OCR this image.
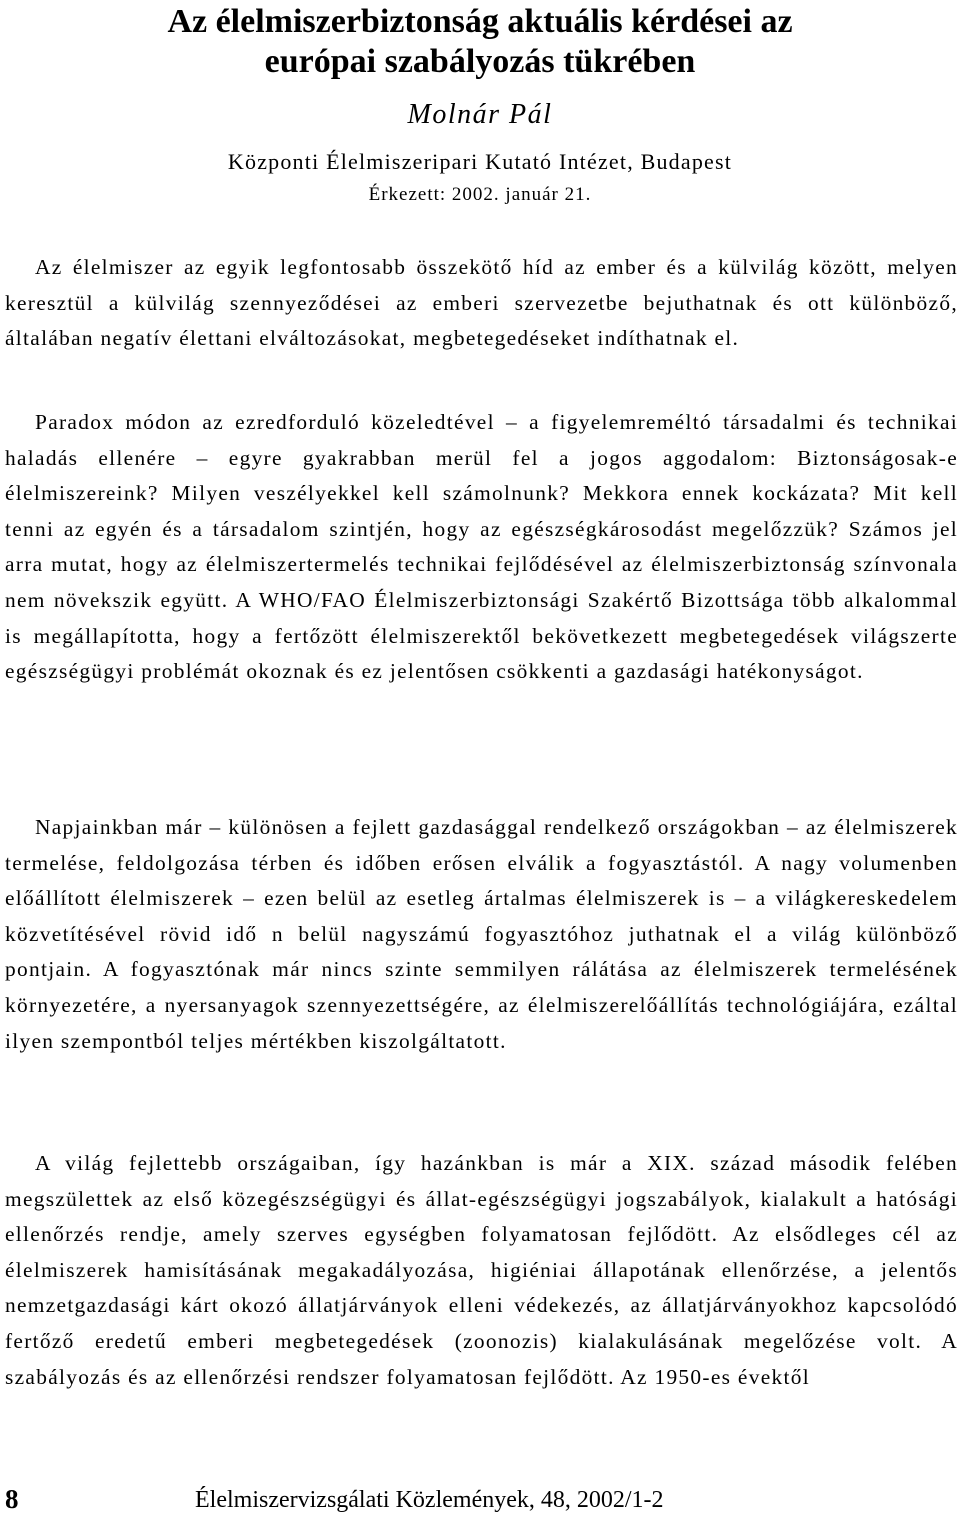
Az élelmiszerbiztonság aktuális kérdései az
európai szabályozás tükrében
Molnár Pál
Központi Élelmiszeripari Kutató Intézet, Budapest
Érkezett: 2002. január 21.

Az élelmiszer az egyik legfontosabb összekötő híd az ember és a külvilág között, melyen keresztül a külvilág szennyeződései az emberi szervezetbe bejuthatnak és ott különböző, általában negatív élettani elváltozásokat, megbetegedéseket indíthatnak el.

Paradox módon az ezredforduló közeledtével – a figyelemreméltó társadalmi és technikai haladás ellenére – egyre gyakrabban merül fel a jogos aggodalom: Biztonságosak-e élelmiszereink? Milyen veszélyekkel kell számolnunk? Mekkora ennek kockázata? Mit kell tenni az egyén és a társadalom szintjén, hogy az egészségkárosodást megelőzzük? Számos jel arra mutat, hogy az élelmiszertermelés technikai fejlődésével az élelmiszerbiztonság színvonala nem növekszik együtt. A WHO/FAO Élelmiszerbiztonsági Szakértő Bizottsága több alkalommal is megállapította, hogy a fertőzött élelmiszerektől bekövetkezett megbetegedések világszerte egészségügyi problémát okoznak és ez jelentősen csökkenti a gazdasági hatékonyságot.

Napjainkban már – különösen a fejlett gazdasággal rendelkező országokban – az élelmiszerek termelése, feldolgozása térben és időben erősen elválik a fogyasztástól. A nagy volumenben előállított élelmiszerek – ezen belül az esetleg ártalmas élelmiszerek is – a világkereskedelem közvetítésével rövid idő n belül nagyszámú fogyasztóhoz juthatnak el a világ különböző pontjain. A fogyasztónak már nincs szinte semmilyen rálátása az élelmiszerek termelésének környezetére, a nyersanyagok szennyezettségére, az élelmiszerelőállítás technológiájára, ezáltal ilyen szempontból teljes mértékben kiszolgáltatott.

A világ fejlettebb országaiban, így hazánkban is már a XIX. század második felében megszülettek az első közegészségügyi és állat-egészségügyi jogszabályok, kialakult a hatósági ellenőrzés rendje, amely szerves egységben folyamatosan fejlődött. Az elsődleges cél az élelmiszerek hamisításának megakadályozása, higiéniai állapotának ellenőrzése, a jelentős nemzetgazdasági kárt okozó állatjárványok elleni védekezés, az állatjárványokhoz kapcsolódó fertőző eredetű emberi megbetegedések (zoonozis) kialakulásának megelőzése volt. A szabályozás és az ellenőrzési rendszer folyamatosan fejlődött. Az 1950-es évektől

8	Élelmiszervizsgálati Közlemények, 48, 2002/1-2
